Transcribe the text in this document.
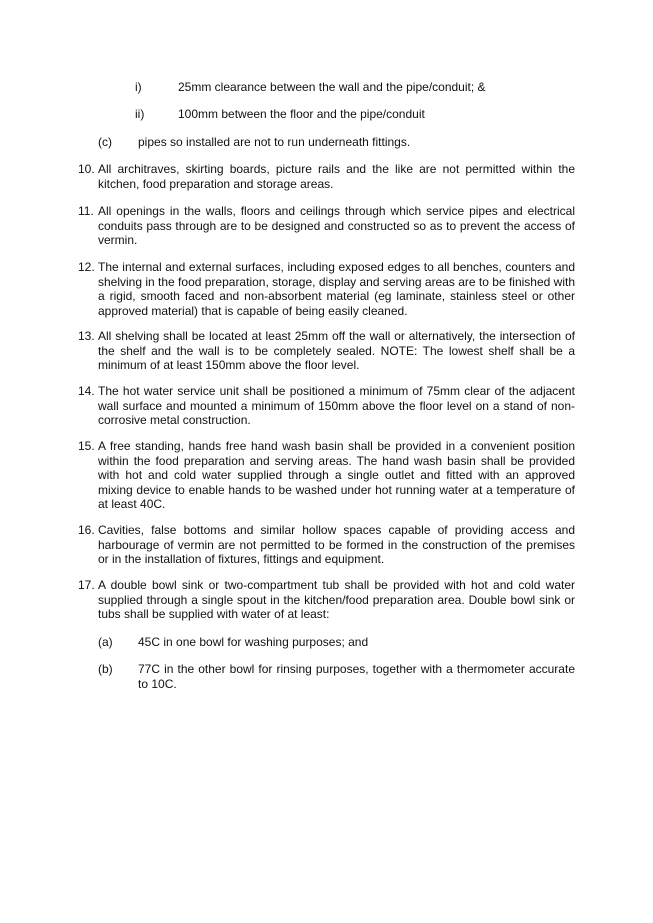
i)	25mm clearance between the wall and the pipe/conduit; &
ii)	100mm between the floor and the pipe/conduit
(c) pipes so installed are not to run underneath fittings.
10. All architraves, skirting boards, picture rails and the like are not permitted within the kitchen, food preparation and storage areas.
11. All openings in the walls, floors and ceilings through which service pipes and electrical conduits pass through are to be designed and constructed so as to prevent the access of vermin.
12. The internal and external surfaces, including exposed edges to all benches, counters and shelving in the food preparation, storage, display and serving areas are to be finished with a rigid, smooth faced and non-absorbent material (eg laminate, stainless steel or other approved material) that is capable of being easily cleaned.
13. All shelving shall be located at least 25mm off the wall or alternatively, the intersection of the shelf and the wall is to be completely sealed. NOTE: The lowest shelf shall be a minimum of at least 150mm above the floor level.
14. The hot water service unit shall be positioned a minimum of 75mm clear of the adjacent wall surface and mounted a minimum of 150mm above the floor level on a stand of non-corrosive metal construction.
15. A free standing, hands free hand wash basin shall be provided in a convenient position within the food preparation and serving areas. The hand wash basin shall be provided with hot and cold water supplied through a single outlet and fitted with an approved mixing device to enable hands to be washed under hot running water at a temperature of at least 40C.
16. Cavities, false bottoms and similar hollow spaces capable of providing access and harbourage of vermin are not permitted to be formed in the construction of the premises or in the installation of fixtures, fittings and equipment.
17. A double bowl sink or two-compartment tub shall be provided with hot and cold water supplied through a single spout in the kitchen/food preparation area. Double bowl sink or tubs shall be supplied with water of at least:
(a) 45C in one bowl for washing purposes; and
(b) 77C in the other bowl for rinsing purposes, together with a thermometer accurate to 10C.
